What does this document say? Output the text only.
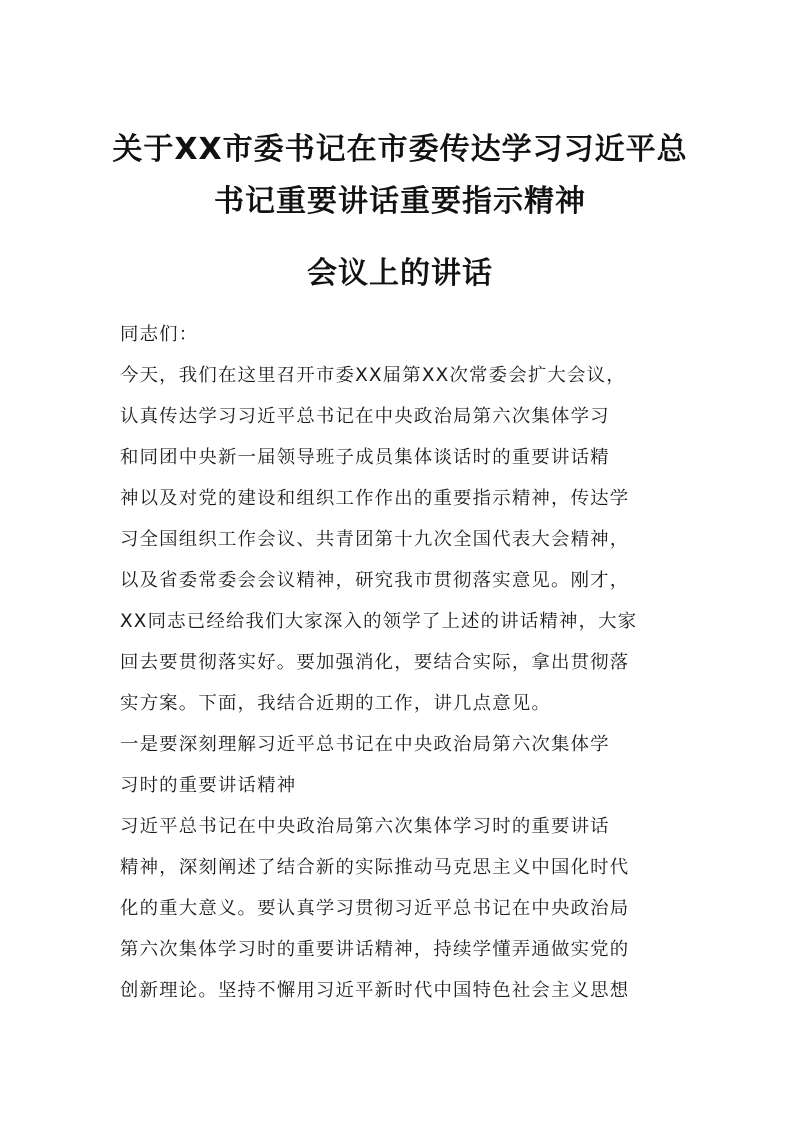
关于XX市委书记在市委传达学习习近平总
书记重要讲话重要指示精神
会议上的讲话

同志们：

今天，我们在这里召开市委XX届第XX次常委会扩大会议，

认真传达学习习近平总书记在中央政治局第六次集体学习

和同团中央新一届领导班子成员集体谈话时的重要讲话精

神以及对党的建设和组织工作作出的重要指示精神，传达学

习全国组织工作会议、共青团第十九次全国代表大会精神，

以及省委常委会会议精神，研究我市贯彻落实意见。刚才，

XX同志已经给我们大家深入的领学了上述的讲话精神，大家

回去要贯彻落实好。要加强消化，要结合实际，拿出贯彻落

实方案。下面，我结合近期的工作，讲几点意见。

一是要深刻理解习近平总书记在中央政治局第六次集体学

习时的重要讲话精神

习近平总书记在中央政治局第六次集体学习时的重要讲话

精神，深刻阐述了结合新的实际推动马克思主义中国化时代

化的重大意义。要认真学习贯彻习近平总书记在中央政治局

第六次集体学习时的重要讲话精神，持续学懂弄通做实党的

创新理论。坚持不懈用习近平新时代中国特色社会主义思想
